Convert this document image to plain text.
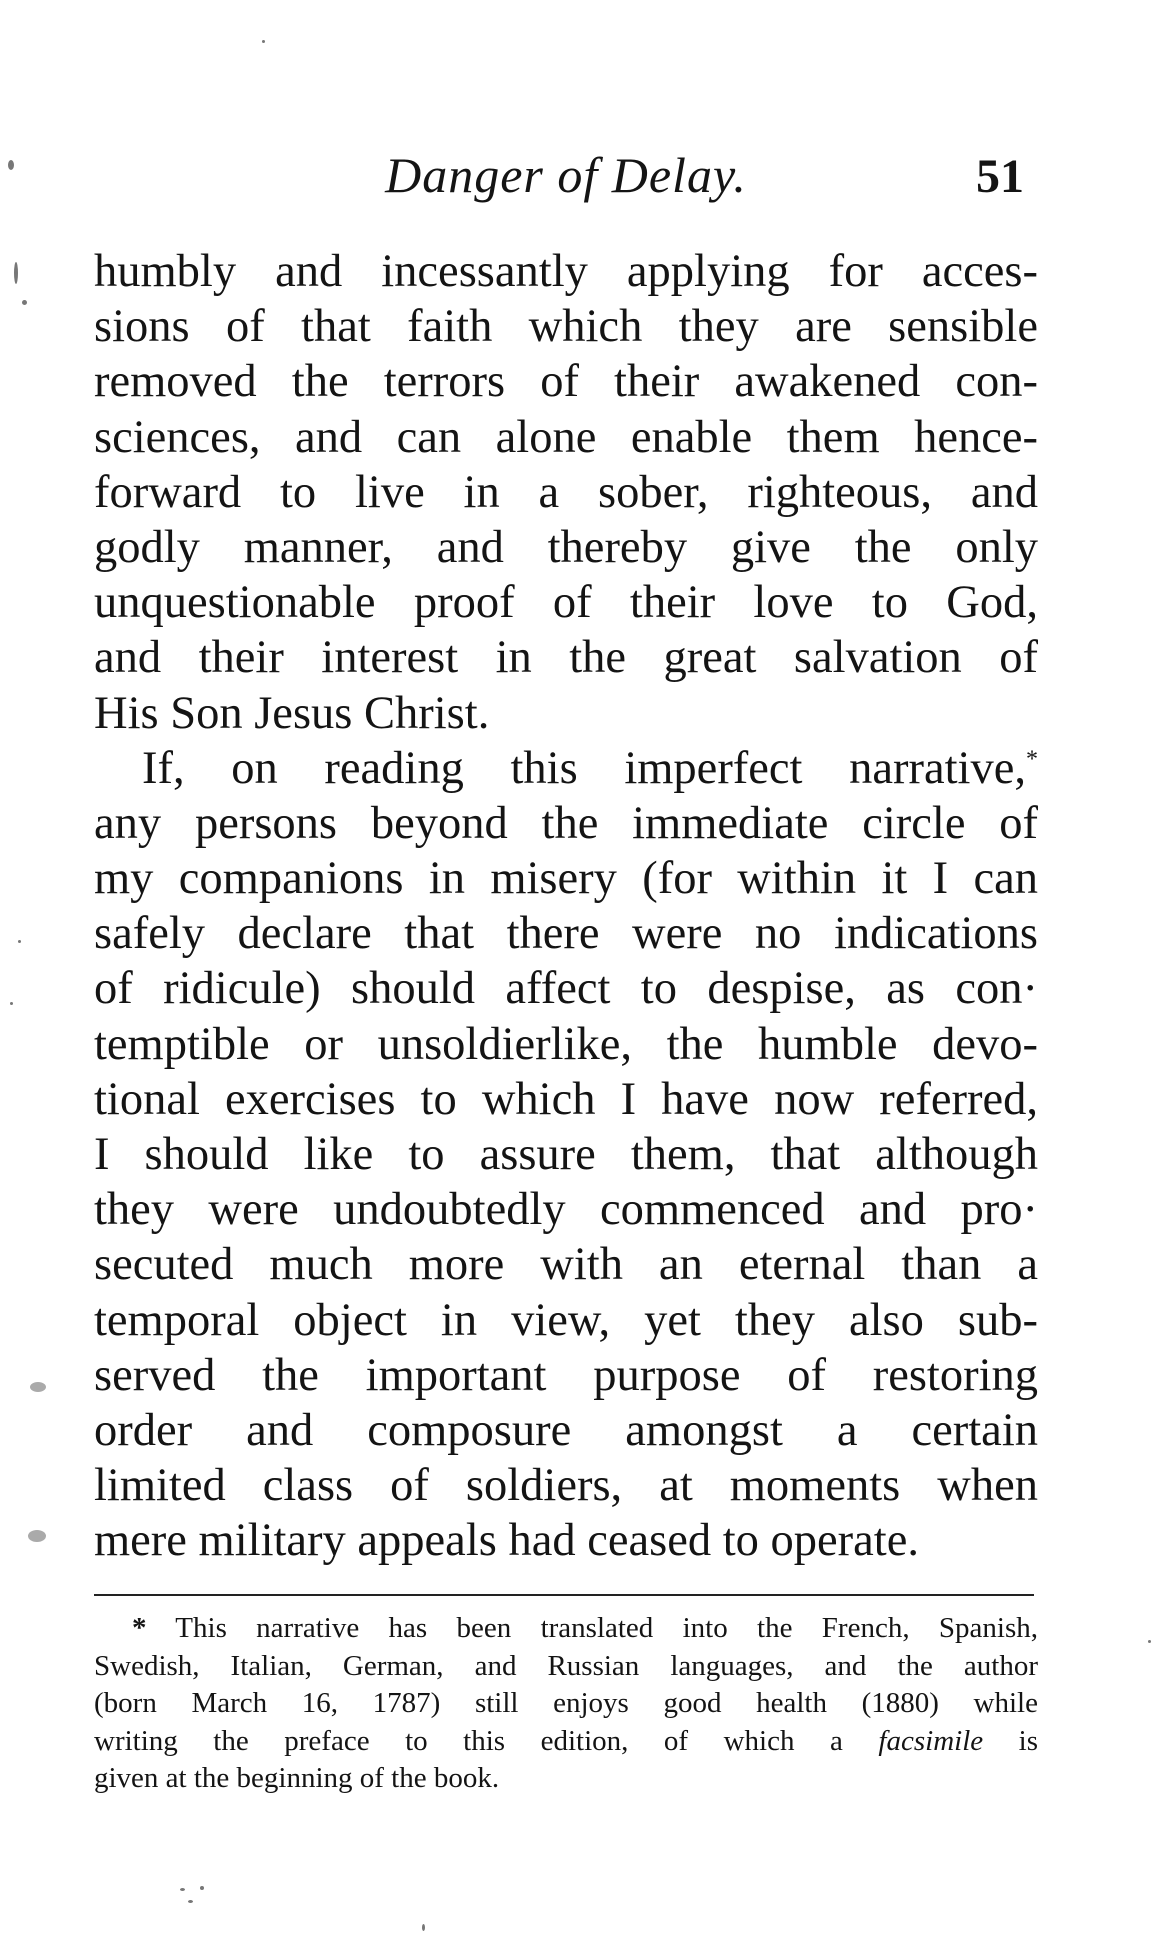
Danger of Delay.	51
humbly and incessantly applying for acces-
sions of that faith which they are sensible
removed the terrors of their awakened con-
sciences, and can alone enable them hence-
forward to live in a sober, righteous, and
godly manner, and thereby give the only
unquestionable proof of their love to God,
and their interest in the great salvation of
His Son Jesus Christ.
If, on reading this imperfect narrative,*
any persons beyond the immediate circle of
my companions in misery (for within it I can
safely declare that there were no indications
of ridicule) should affect to despise, as con·
temptible or unsoldierlike, the humble devo-
tional exercises to which I have now referred,
I should like to assure them, that although
they were undoubtedly commenced and pro·
secuted much more with an eternal than a
temporal object in view, yet they also sub-
served the important purpose of restoring
order and composure amongst a certain
limited class of soldiers, at moments when
mere military appeals had ceased to operate.
* This narrative has been translated into the French, Spanish,
Swedish, Italian, German, and Russian languages, and the author
(born March 16, 1787) still enjoys good health (1880) while
writing the preface to this edition, of which a facsimile is
given at the beginning of the book.
